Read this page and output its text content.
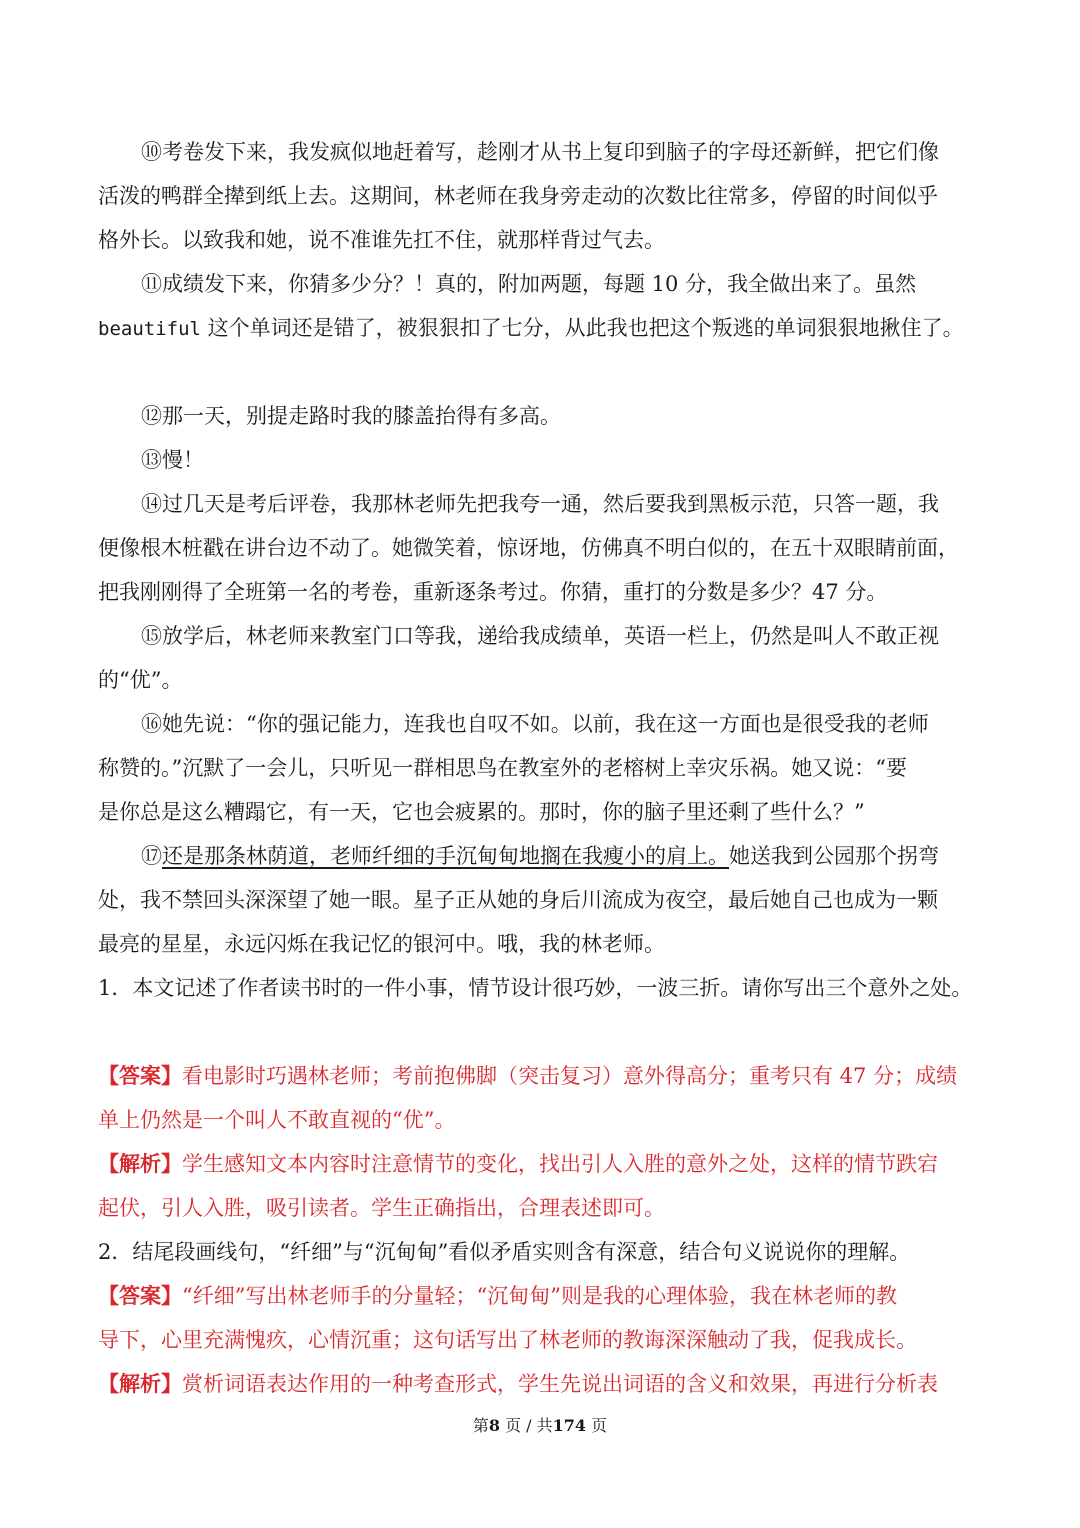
⑩考卷发下来，我发疯似地赶着写，趁刚才从书上复印到脑子的字母还新鲜，把它们像
活泼的鸭群全撵到纸上去。这期间，林老师在我身旁走动的次数比往常多，停留的时间似乎
格外长。以致我和她，说不准谁先扛不住，就那样背过气去。
⑪成绩发下来，你猜多少分？！真的，附加两题，每题 10 分，我全做出来了。虽然
beautiful 这个单词还是错了，被狠狠扣了七分，从此我也把这个叛逃的单词狠狠地揪住了。
⑫那一天，别提走路时我的膝盖抬得有多高。
⑬慢！
⑭过几天是考后评卷，我那林老师先把我夸一通，然后要我到黑板示范，只答一题，我
便像根木桩戳在讲台边不动了。她微笑着，惊讶地，仿佛真不明白似的，在五十双眼睛前面，
把我刚刚得了全班第一名的考卷，重新逐条考过。你猜，重打的分数是多少？47 分。
⑮放学后，林老师来教室门口等我，递给我成绩单，英语一栏上，仍然是叫人不敢正视
的“优”。
⑯她先说：“你的强记能力，连我也自叹不如。以前，我在这一方面也是很受我的老师
称赞的。”沉默了一会儿，只听见一群相思鸟在教室外的老榕树上幸灾乐祸。她又说：“要
是你总是这么糟蹋它，有一天，它也会疲累的。那时，你的脑子里还剩了些什么？”
⑰还是那条林荫道，老师纤细的手沉甸甸地搁在我瘦小的肩上。她送我到公园那个拐弯
处，我不禁回头深深望了她一眼。星子正从她的身后川流成为夜空，最后她自己也成为一颗
最亮的星星，永远闪烁在我记忆的银河中。哦，我的林老师。
1．本文记述了作者读书时的一件小事，情节设计很巧妙，一波三折。请你写出三个意外之处。
【答案】看电影时巧遇林老师；考前抱佛脚（突击复习）意外得高分；重考只有 47 分；成绩
单上仍然是一个叫人不敢直视的“优”。
【解析】学生感知文本内容时注意情节的变化，找出引人入胜的意外之处，这样的情节跌宕
起伏，引人入胜，吸引读者。学生正确指出，合理表述即可。
2．结尾段画线句，“纤细”与“沉甸甸”看似矛盾实则含有深意，结合句义说说你的理解。
【答案】“纤细”写出林老师手的分量轻；“沉甸甸”则是我的心理体验，我在林老师的教
导下，心里充满愧疚，心情沉重；这句话写出了林老师的教诲深深触动了我，促我成长。
【解析】赏析词语表达作用的一种考查形式，学生先说出词语的含义和效果，再进行分析表
第8 页 / 共174 页
